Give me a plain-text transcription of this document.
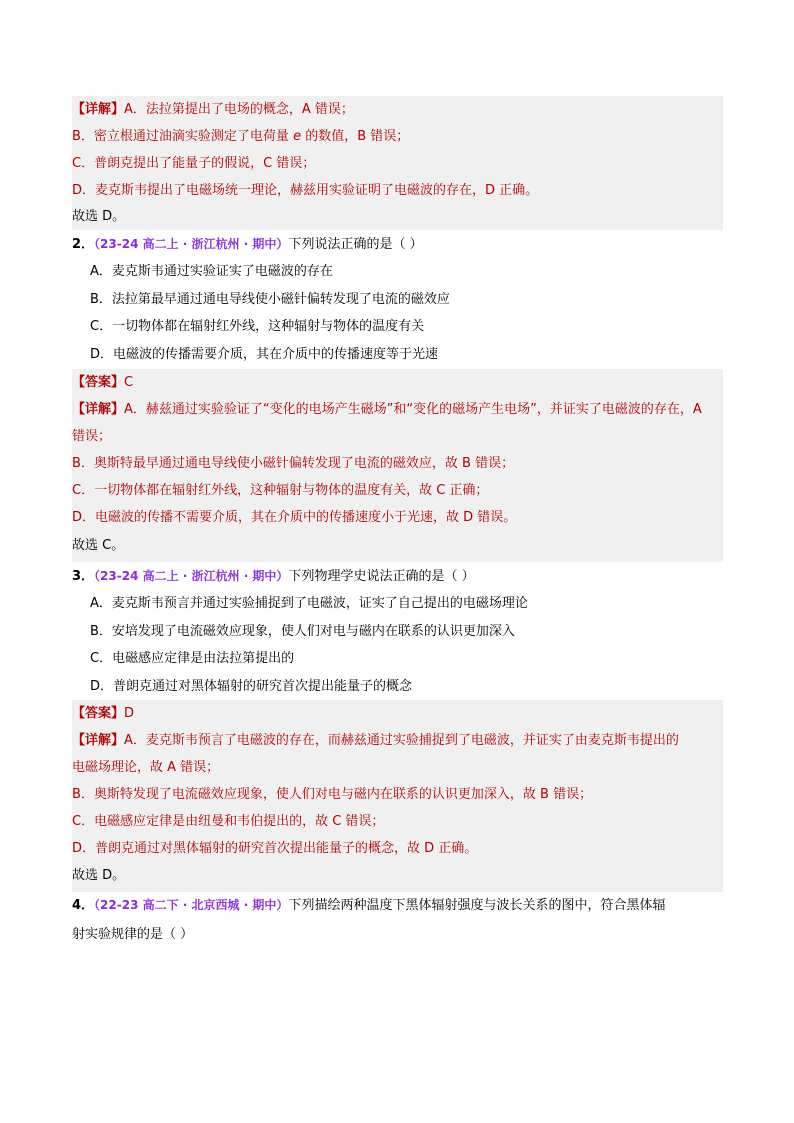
【详解】A．法拉第提出了电场的概念，A 错误；
B．密立根通过油滴实验测定了电荷量 e 的数值，B 错误；
C．普朗克提出了能量子的假说，C 错误；
D．麦克斯韦提出了电磁场统一理论，赫兹用实验证明了电磁波的存在，D 正确。
故选 D。
2．（23-24 高二上 · 浙江杭州 · 期中）下列说法正确的是（ ）
A．麦克斯韦通过实验证实了电磁波的存在
B．法拉第最早通过通电导线使小磁针偏转发现了电流的磁效应
C．一切物体都在辐射红外线，这种辐射与物体的温度有关
D．电磁波的传播需要介质，其在介质中的传播速度等于光速
【答案】C
【详解】A．赫兹通过实验验证了“变化的电场产生磁场”和“变化的磁场产生电场”，并证实了电磁波的存在，A
错误；
B．奥斯特最早通过通电导线使小磁针偏转发现了电流的磁效应，故 B 错误；
C．一切物体都在辐射红外线，这种辐射与物体的温度有关，故 C 正确；
D．电磁波的传播不需要介质，其在介质中的传播速度小于光速，故 D 错误。
故选 C。
3．（23-24 高二上 · 浙江杭州 · 期中）下列物理学史说法正确的是（ ）
A．麦克斯韦预言并通过实验捕捉到了电磁波，证实了自己提出的电磁场理论
B．安培发现了电流磁效应现象，使人们对电与磁内在联系的认识更加深入
C．电磁感应定律是由法拉第提出的
D．普朗克通过对黑体辐射的研究首次提出能量子的概念
【答案】D
【详解】A．麦克斯韦预言了电磁波的存在，而赫兹通过实验捕捉到了电磁波，并证实了由麦克斯韦提出的
电磁场理论，故 A 错误；
B．奥斯特发现了电流磁效应现象，使人们对电与磁内在联系的认识更加深入，故 B 错误；
C．电磁感应定律是由纽曼和韦伯提出的，故 C 错误；
D．普朗克通过对黑体辐射的研究首次提出能量子的概念，故 D 正确。
故选 D。
4．（22-23 高二下 · 北京西城 · 期中）下列描绘两种温度下黑体辐射强度与波长关系的图中，符合黑体辐
射实验规律的是（ ）
